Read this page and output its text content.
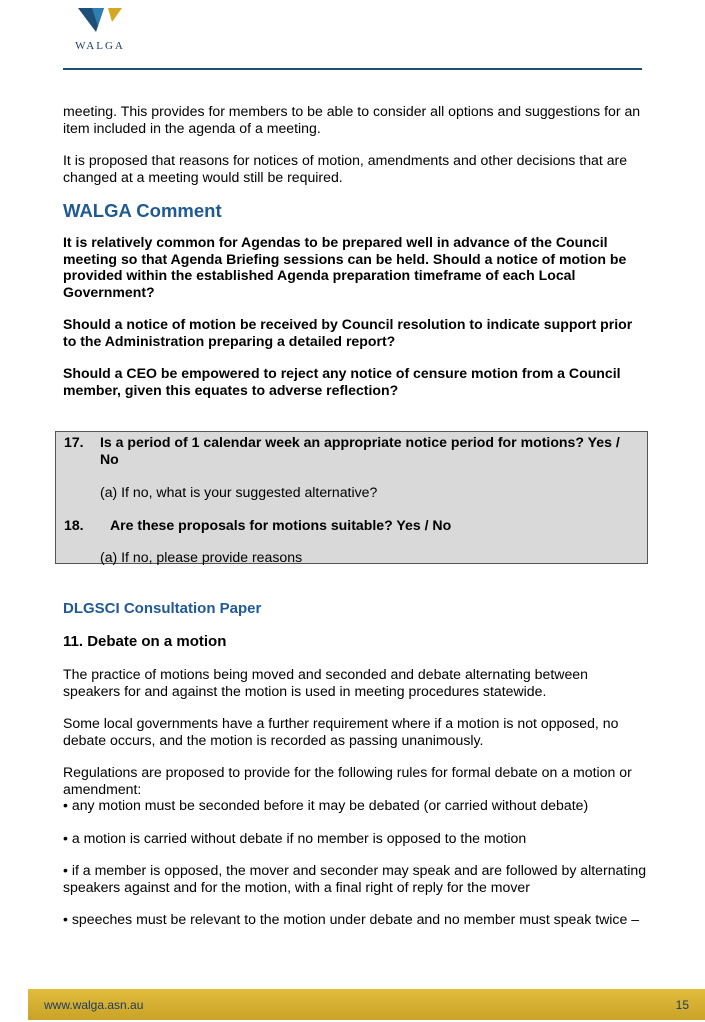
WALGA

meeting. This provides for members to be able to consider all options and suggestions for an item included in the agenda of a meeting.

It is proposed that reasons for notices of motion, amendments and other decisions that are changed at a meeting would still be required.

WALGA Comment

It is relatively common for Agendas to be prepared well in advance of the Council meeting so that Agenda Briefing sessions can be held. Should a notice of motion be provided within the established Agenda preparation timeframe of each Local Government?

Should a notice of motion be received by Council resolution to indicate support prior to the Administration preparing a detailed report?

Should a CEO be empowered to reject any notice of censure motion from a Council member, given this equates to adverse reflection?

17. Is a period of 1 calendar week an appropriate notice period for motions? Yes / No
(a) If no, what is your suggested alternative?
18. Are these proposals for motions suitable? Yes / No
(a) If no, please provide reasons

DLGSCI Consultation Paper

11. Debate on a motion

The practice of motions being moved and seconded and debate alternating between speakers for and against the motion is used in meeting procedures statewide.

Some local governments have a further requirement where if a motion is not opposed, no debate occurs, and the motion is recorded as passing unanimously.

Regulations are proposed to provide for the following rules for formal debate on a motion or amendment:

• any motion must be seconded before it may be debated (or carried without debate)

• a motion is carried without debate if no member is opposed to the motion

• if a member is opposed, the mover and seconder may speak and are followed by alternating speakers against and for the motion, with a final right of reply for the mover

• speeches must be relevant to the motion under debate and no member must speak twice –

www.walga.asn.au	15
